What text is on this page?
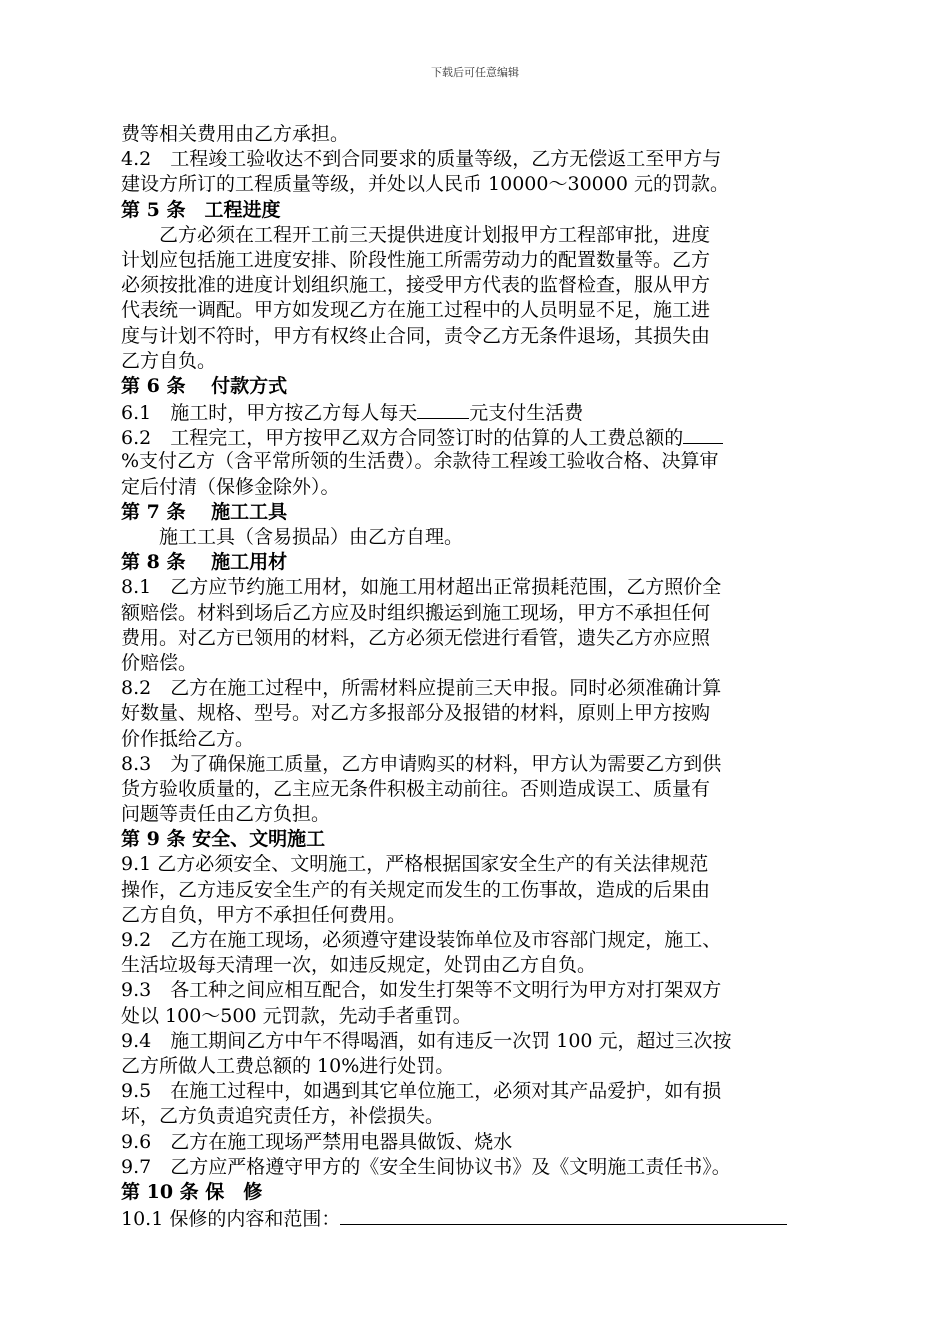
下载后可任意编辑
费等相关费用由乙方承担。
4.2　工程竣工验收达不到合同要求的质量等级，乙方无偿返工至甲方与
建设方所订的工程质量等级，并处以人民币 10000～30000 元的罚款。
第 5 条　工程进度
　　乙方必须在工程开工前三天提供进度计划报甲方工程部审批，进度
计划应包括施工进度安排、阶段性施工所需劳动力的配置数量等。乙方
必须按批准的进度计划组织施工，接受甲方代表的监督检查，服从甲方
代表统一调配。甲方如发现乙方在施工过程中的人员明显不足，施工进
度与计划不符时，甲方有权终止合同，责令乙方无条件退场，其损失由
乙方自负。
第 6 条　 付款方式
6.1　施工时，甲方按乙方每人每天	元支付生活费
6.2　工程完工，甲方按甲乙双方合同签订时的估算的人工费总额的
%支付乙方（含平常所领的生活费）。余款待工程竣工验收合格、决算审
定后付清（保修金除外）。
第 7 条　 施工工具
　　施工工具（含易损品）由乙方自理。
第 8 条　 施工用材
8.1　乙方应节约施工用材，如施工用材超出正常损耗范围，乙方照价全
额赔偿。材料到场后乙方应及时组织搬运到施工现场，甲方不承担任何
费用。对乙方已领用的材料，乙方必须无偿进行看管，遗失乙方亦应照
价赔偿。
8.2　乙方在施工过程中，所需材料应提前三天申报。同时必须准确计算
好数量、规格、型号。对乙方多报部分及报错的材料，原则上甲方按购
价作抵给乙方。
8.3　为了确保施工质量，乙方申请购买的材料，甲方认为需要乙方到供
货方验收质量的，乙主应无条件积极主动前往。否则造成误工、质量有
问题等责任由乙方负担。
第 9 条 安全、文明施工
9.1 乙方必须安全、文明施工，严格根据国家安全生产的有关法律规范
操作，乙方违反安全生产的有关规定而发生的工伤事故，造成的后果由
乙方自负，甲方不承担任何费用。
9.2　乙方在施工现场，必须遵守建设装饰单位及市容部门规定，施工、
生活垃圾每天清理一次，如违反规定，处罚由乙方自负。
9.3　各工种之间应相互配合，如发生打架等不文明行为甲方对打架双方
处以 100～500 元罚款，先动手者重罚。
9.4　施工期间乙方中午不得喝酒，如有违反一次罚 100 元，超过三次按
乙方所做人工费总额的 10%进行处罚。
9.5　在施工过程中，如遇到其它单位施工，必须对其产品爱护，如有损
坏，乙方负责追究责任方，补偿损失。
9.6　乙方在施工现场严禁用电器具做饭、烧水
9.7　乙方应严格遵守甲方的《安全生间协议书》及《文明施工责任书》。
第 10 条 保　修
10.1 保修的内容和范围：
